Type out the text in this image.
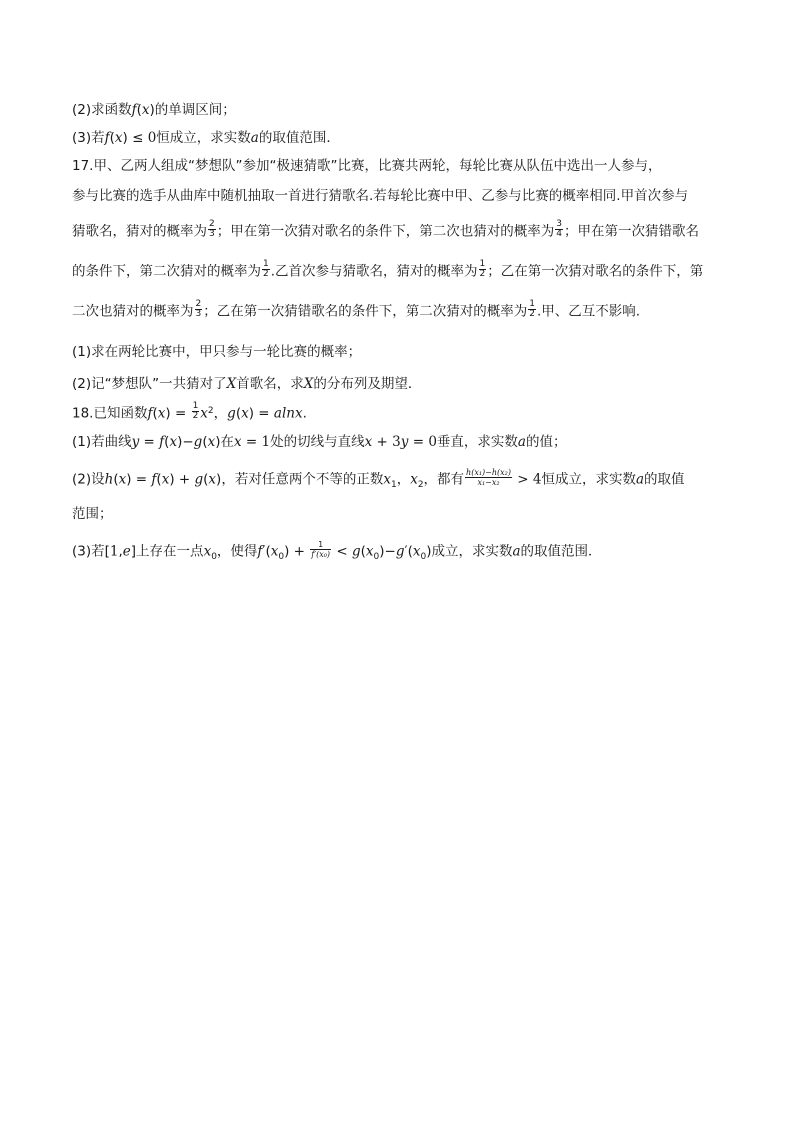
(2)求函数f(x)的单调区间；
(3)若f(x) ≤ 0恒成立，求实数a的取值范围．
17.甲、乙两人组成“梦想队”参加“极速猜歌”比赛，比赛共两轮，每轮比赛从队伍中选出一人参与，
参与比赛的选手从曲库中随机抽取一首进行猜歌名.若每轮比赛中甲、乙参与比赛的概率相同.甲首次参与
猜歌名，猜对的概率为 $\frac{2}{3}$ ；甲在第一次猜对歌名的条件下，第二次也猜对的概率为 $\frac{3}{4}$ ；甲在第一次猜错歌名
的条件下，第二次猜对的概率为 $\frac{1}{2}$ .乙首次参与猜歌名，猜对的概率为 $\frac{1}{2}$ ；乙在第一次猜对歌名的条件下，第
二次也猜对的概率为 $\frac{2}{3}$ ；乙在第一次猜错歌名的条件下，第二次猜对的概率为 $\frac{1}{2}$ .甲、乙互不影响.
(1)求在两轮比赛中，甲只参与一轮比赛的概率；
(2)记“梦想队”一共猜对了X首歌名，求X的分布列及期望．
18.已知函数$f(x) = \frac{1}{2} x^2$，g(x) = alnx.
(1)若曲线y = f(x)−g(x)在x = 1处的切线与直线x + 3y = 0垂直，求实数a的值；
(2)设h(x) = f(x) + g(x)，若对任意两个不等的正数$x_1$，$x_2$，都有 $\frac{\text{h(x₁)−h(x₂)}}{\text{x₁−x₂}} > 4$恒成立，求实数a的取值
范围；
(3)若[1,e]上存在一点$x_0$，使得$f'(x_0) + \frac{1}{\text{f′(x₀)}} < g(x_0)-g'(x_0)$成立，求实数a的取值范围．
